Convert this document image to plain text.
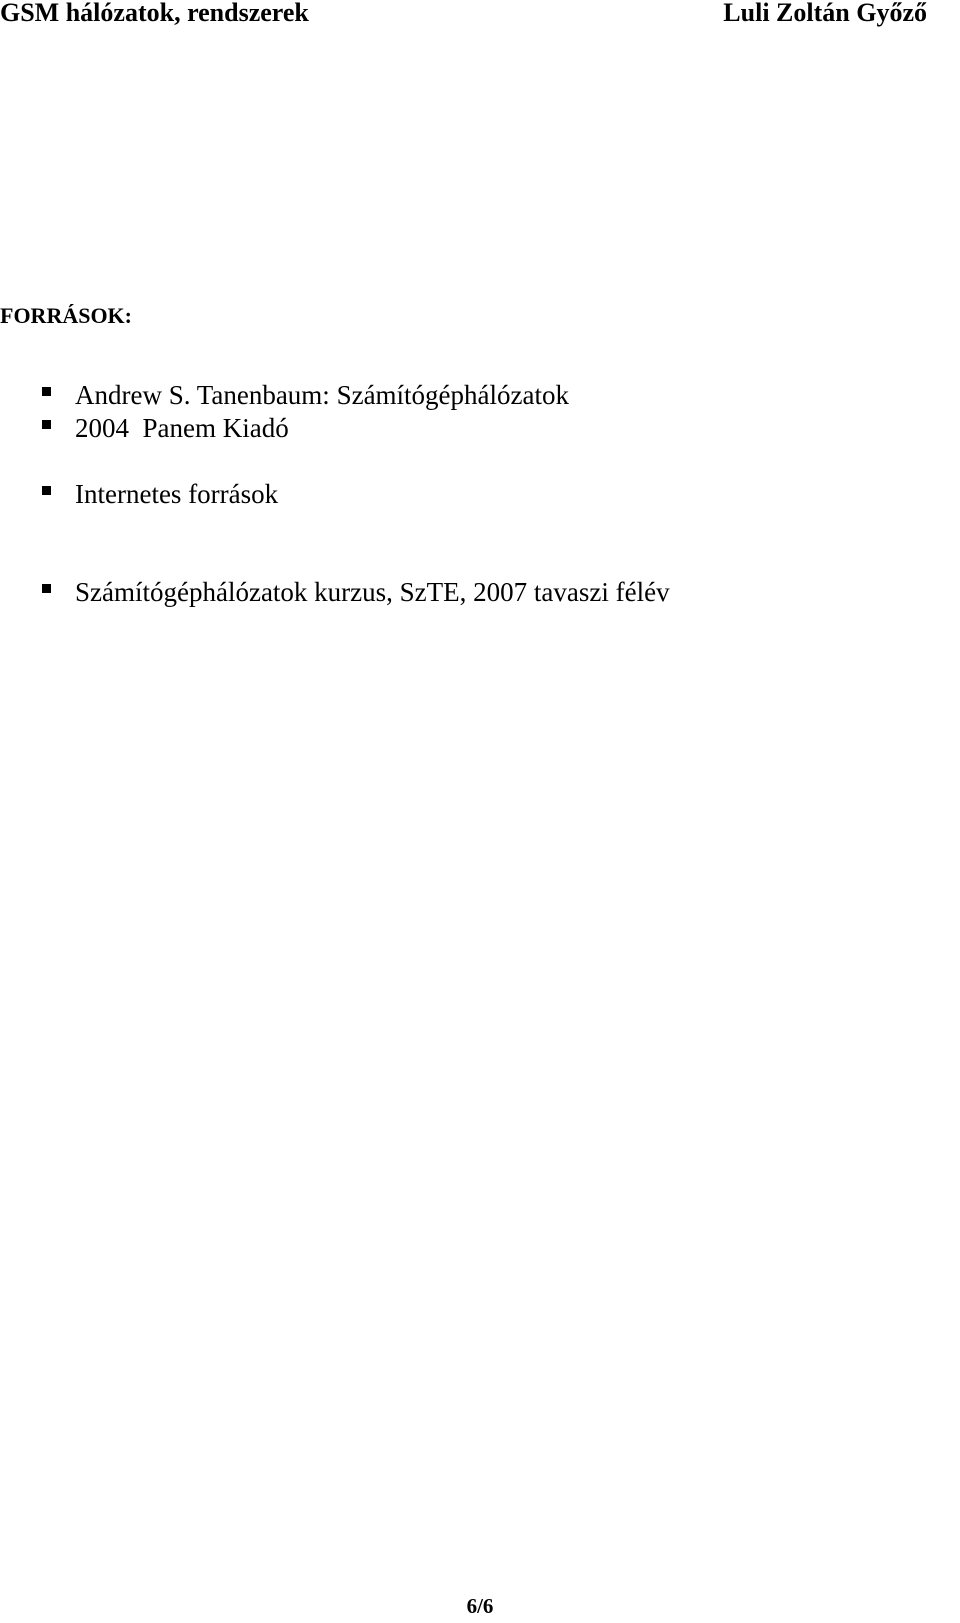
GSM hálózatok, rendszerek	Luli Zoltán Győző
FORRÁSOK:
Andrew S. Tanenbaum: Számítógéphálózatok
2004  Panem Kiadó
Internetes források
Számítógéphálózatok kurzus, SzTE, 2007 tavaszi félév
6/6
